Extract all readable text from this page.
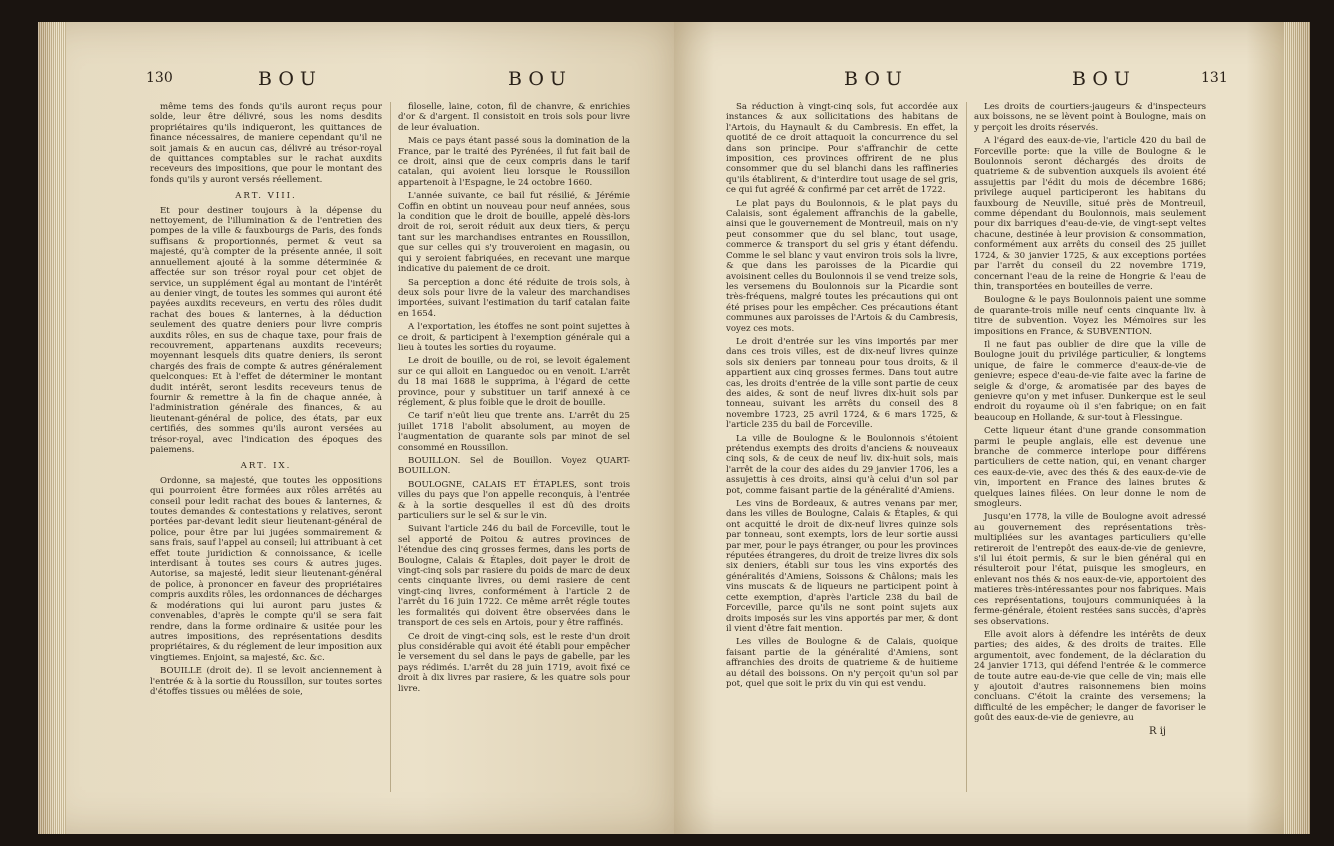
130	BOU	BOU

même tems des fonds qu'ils auront reçus pour solde, leur être délivré, sous les noms desdits propriétaires qu'ils indiqueront, les quittances de finance nécessaires, de maniere cependant qu'il ne soit jamais & en aucun cas, délivré au trésor-royal de quittances comptables sur le rachat auxdits receveurs des impositions, que pour le montant des fonds qu'ils y auront versés réellement.

ART. VIII.

Et pour destiner toujours à la dépense du nettoyement, de l'illumination & de l'entretien des pompes de la ville & fauxbourgs de Paris, des fonds suffisans & proportionnés, permet & veut sa majesté, qu'à compter de la présente année, il soit annuellement ajouté à la somme déterminée & affectée sur son trésor royal pour cet objet de service, un supplément égal au montant de l'intérêt au denier vingt, de toutes les sommes qui auront été payées auxdits receveurs, en vertu des rôles dudit rachat des boues & lanternes, à la déduction seulement des quatre deniers pour livre compris auxdits rôles, en sus de chaque taxe, pour frais de recouvrement, appartenans auxdits receveurs; moyennant lesquels dits quatre deniers, ils seront chargés des frais de compte & autres généralement quelconques: Et à l'effet de déterminer le montant dudit intérêt, seront lesdits receveurs tenus de fournir & remettre à la fin de chaque année, à l'administration générale des finances, & au lieutenant-général de police, des états, par eux certifiés, des sommes qu'ils auront versées au trésor-royal, avec l'indication des époques des paiemens.

ART. IX.

Ordonne, sa majesté, que toutes les oppositions qui pourroient être formées aux rôles arrêtés au conseil pour ledit rachat des boues & lanternes, & toutes demandes & contestations y relatives, seront portées par-devant ledit sieur lieutenant-général de police, pour être par lui jugées sommairement & sans frais, sauf l'appel au conseil; lui attribuant à cet effet toute juridiction & connoissance, & icelle interdisant à toutes ses cours & autres juges. Autorise, sa majesté, ledit sieur lieutenant-général de police, à prononcer en faveur des propriétaires compris auxdits rôles, les ordonnances de décharges & modérations qui lui auront paru justes & convenables, d'après le compte qu'il se sera fait rendre, dans la forme ordinaire & usitée pour les autres impositions, des représentations desdits propriétaires, & du réglement de leur imposition aux vingtiemes. Enjoint, sa majesté, &c. &c.

BOUILLE (droit de). Il se levoit anciennement à l'entrée & à la sortie du Roussillon, sur toutes sortes d'étoffes tissues ou mêlées de soie,

filoselle, laine, coton, fil de chanvre, & enrichies d'or & d'argent. Il consistoit en trois sols pour livre de leur évaluation.

Mais ce pays étant passé sous la domination de la France, par le traité des Pyrénées, il fut fait bail de ce droit, ainsi que de ceux compris dans le tarif catalan, qui avoient lieu lorsque le Roussillon appartenoit à l'Espagne, le 24 octobre 1660.

L'année suivante, ce bail fut résilié, & Jérémie Coffin en obtint un nouveau pour neuf années, sous la condition que le droit de bouille, appelé dès-lors droit de roi, seroit réduit aux deux tiers, & perçu tant sur les marchandises entrantes en Roussillon, que sur celles qui s'y trouveroient en magasin, ou qui y seroient fabriquées, en recevant une marque indicative du paiement de ce droit.

Sa perception a donc été réduite de trois sols, à deux sols pour livre de la valeur des marchandises importées, suivant l'estimation du tarif catalan faite en 1654.

A l'exportation, les étoffes ne sont point sujettes à ce droit, & participent à l'exemption générale qui a lieu à toutes les sorties du royaume.

Le droit de bouille, ou de roi, se levoit également sur ce qui alloit en Languedoc ou en venoit. L'arrêt du 18 mai 1688 le supprima, à l'égard de cette province, pour y substituer un tarif annexé à ce réglement, & plus foible que le droit de bouille.

Ce tarif n'eût lieu que trente ans. L'arrêt du 25 juillet 1718 l'abolit absolument, au moyen de l'augmentation de quarante sols par minot de sel consommé en Roussillon.

BOUILLON. Sel de Bouillon. Voyez QUART-BOUILLON.

BOULOGNE, CALAIS ET ÉTAPLES, sont trois villes du pays que l'on appelle reconquis, à l'entrée & à la sortie desquelles il est dû des droits particuliers sur le sel & sur le vin.

Suivant l'article 246 du bail de Forceville, tout le sel apporté de Poitou & autres provinces de l'étendue des cinq grosses fermes, dans les ports de Boulogne, Calais & Étaples, doit payer le droit de vingt-cinq sols par rasiere du poids de marc de deux cents cinquante livres, ou demi rasiere de cent vingt-cinq livres, conformément à l'article 2 de l'arrêt du 16 juin 1722. Ce même arrêt régle toutes les formalités qui doivent être observées dans le transport de ces sels en Artois, pour y être raffinés.

Ce droit de vingt-cinq sols, est le reste d'un droit plus considérable qui avoit été établi pour empêcher le versement du sel dans le pays de gabelle, par les pays rédimés. L'arrêt du 28 juin 1719, avoit fixé ce droit à dix livres par rasiere, & les quatre sols pour livre.

BOU	BOU	131

Sa réduction à vingt-cinq sols, fut accordée aux instances & aux sollicitations des habitans de l'Artois, du Haynault & du Cambresis. En effet, la quotité de ce droit attaquoit la concurrence du sel dans son principe. Pour s'affranchir de cette imposition, ces provinces offrirent de ne plus consommer que du sel blanchi dans les raffineries qu'ils établirent, & d'interdire tout usage de sel gris, ce qui fut agréé & confirmé par cet arrêt de 1722.

Le plat pays du Boulonnois, & le plat pays du Calaisis, sont également affranchis de la gabelle, ainsi que le gouvernement de Montreuil, mais on n'y peut consommer que du sel blanc, tout usage, commerce & transport du sel gris y étant défendu. Comme le sel blanc y vaut environ trois sols la livre, & que dans les paroisses de la Picardie qui avoisinent celles du Boulonnois il se vend treize sols, les versemens du Boulonnois sur la Picardie sont très-fréquens, malgré toutes les précautions qui ont été prises pour les empêcher. Ces précautions étant communes aux paroisses de l'Artois & du Cambresis, voyez ces mots.

Le droit d'entrée sur les vins importés par mer dans ces trois villes, est de dix-neuf livres quinze sols six deniers par tonneau pour tous droits, & il appartient aux cinq grosses fermes. Dans tout autre cas, les droits d'entrée de la ville sont partie de ceux des aides, & sont de neuf livres dix-huit sols par tonneau, suivant les arrêts du conseil des 8 novembre 1723, 25 avril 1724, & 6 mars 1725, & l'article 235 du bail de Forceville.

La ville de Boulogne & le Boulonnois s'étoient prétendus exempts des droits d'anciens & nouveaux cinq sols, & de ceux de neuf liv. dix-huit sols, mais l'arrêt de la cour des aides du 29 janvier 1706, les a assujettis à ces droits, ainsi qu'à celui d'un sol par pot, comme faisant partie de la généralité d'Amiens.

Les vins de Bordeaux, & autres venans par mer, dans les villes de Boulogne, Calais & Étaples, & qui ont acquitté le droit de dix-neuf livres quinze sols par tonneau, sont exempts, lors de leur sortie aussi par mer, pour le pays étranger, ou pour les provinces réputées étrangeres, du droit de treize livres dix sols six deniers, établi sur tous les vins exportés des généralités d'Amiens, Soissons & Châlons; mais les vins muscats & de liqueurs ne participent point à cette exemption, d'après l'article 238 du bail de Forceville, parce qu'ils ne sont point sujets aux droits imposés sur les vins apportés par mer, & dont il vient d'être fait mention.

Les villes de Boulogne & de Calais, quoique faisant partie de la généralité d'Amiens, sont affranchies des droits de quatrieme & de huitieme au détail des boissons. On n'y perçoit qu'un sol par pot, quel que soit le prix du vin qui est vendu.

Les droits de courtiers-jaugeurs & d'inspecteurs aux boissons, ne se lèvent point à Boulogne, mais on y perçoit les droits réservés.

A l'égard des eaux-de-vie, l'article 420 du bail de Forceville porte: que la ville de Boulogne & le Boulonnois seront déchargés des droits de quatrieme & de subvention auxquels ils avoient été assujettis par l'édit du mois de décembre 1686; privilege auquel participeront les habitans du fauxbourg de Neuville, situé près de Montreuil, comme dépendant du Boulonnois, mais seulement pour dix barriques d'eau-de-vie, de vingt-sept veltes chacune, destinée à leur provision & consommation, conformément aux arrêts du conseil des 25 juillet 1724, & 30 janvier 1725, & aux exceptions portées par l'arrêt du conseil du 22 novembre 1719, concernant l'eau de la reine de Hongrie & l'eau de thin, transportées en bouteilles de verre.

Boulogne & le pays Boulonnois paient une somme de quarante-trois mille neuf cents cinquante liv. à titre de subvention. Voyez les Mémoires sur les impositions en France, & SUBVENTION.

Il ne faut pas oublier de dire que la ville de Boulogne jouit du privilége particulier, & longtems unique, de faire le commerce d'eaux-de-vie de genievre; espece d'eau-de-vie faite avec la farine de seigle & d'orge, & aromatisée par des bayes de genievre qu'on y met infuser. Dunkerque est le seul endroit du royaume où il s'en fabrique; on en fait beaucoup en Hollande, & sur-tout à Flessingue.

Cette liqueur étant d'une grande consommation parmi le peuple anglais, elle est devenue une branche de commerce interlope pour différens particuliers de cette nation, qui, en venant charger ces eaux-de-vie, avec des thés & des eaux-de-vie de vin, importent en France des laines brutes & quelques laines filées. On leur donne le nom de smogleurs.

Jusqu'en 1778, la ville de Boulogne avoit adressé au gouvernement des représentations très-multipliées sur les avantages particuliers qu'elle retireroit de l'entrepôt des eaux-de-vie de genievre, s'il lui étoit permis, & sur le bien général qui en résulteroit pour l'état, puisque les smogleurs, en enlevant nos thés & nos eaux-de-vie, apportoient des matieres très-intéressantes pour nos fabriques. Mais ces représentations, toujours communiquées à la ferme-générale, étoient restées sans succès, d'après ses observations.

Elle avoit alors à défendre les intérêts de deux parties; des aides, & des droits de traites. Elle argumentoit, avec fondement, de la déclaration du 24 janvier 1713, qui défend l'entrée & le commerce de toute autre eau-de-vie que celle de vin; mais elle y ajoutoit d'autres raisonnemens bien moins concluans. C'étoit la crainte des versemens; la difficulté de les empêcher; le danger de favoriser le goût des eaux-de-vie de genievre, au

R ij
